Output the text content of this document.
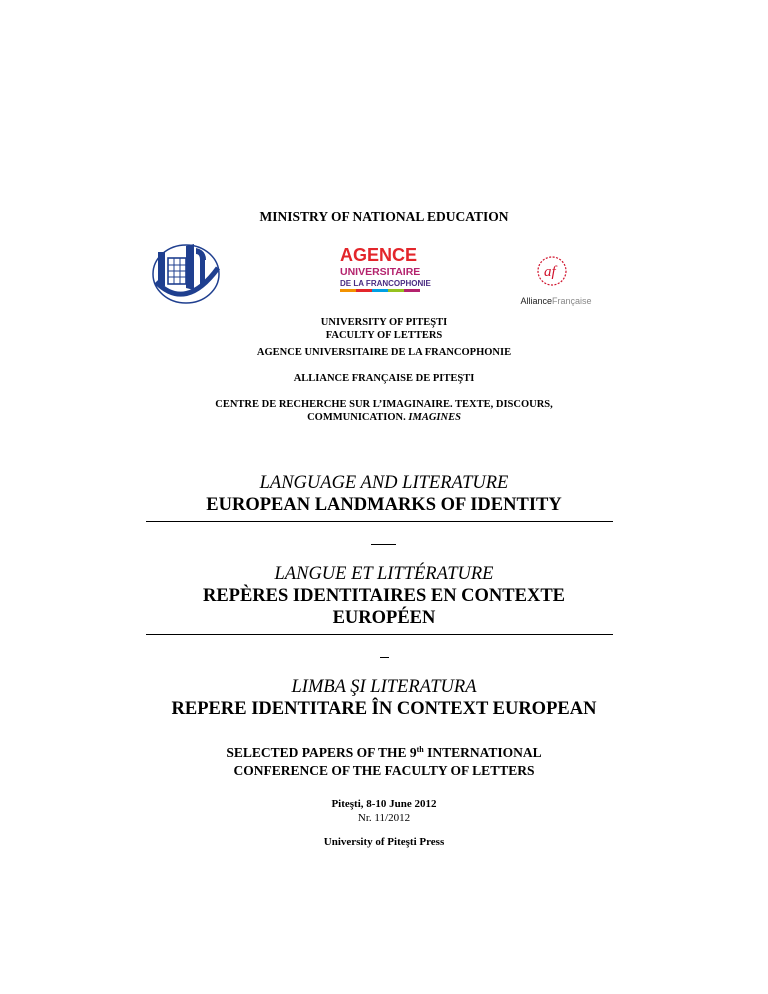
MINISTRY OF NATIONAL EDUCATION
AGENCE
UNIVERSITAIRE
DE LA FRANCOPHONIE
af
AllianceFrançaise
UNIVERSITY OF PITEŞTI
FACULTY OF LETTERS
AGENCE UNIVERSITAIRE DE LA FRANCOPHONIE
ALLIANCE FRANÇAISE DE PITEŞTI
CENTRE DE RECHERCHE SUR L’IMAGINAIRE. TEXTE, DISCOURS,
COMMUNICATION. IMAGINES
LANGUAGE AND LITERATURE
EUROPEAN LANDMARKS OF IDENTITY
LANGUE ET LITTÉRATURE
REPÈRES IDENTITAIRES EN CONTEXTE
EUROPÉEN
LIMBA ŞI LITERATURA
REPERE IDENTITARE ÎN CONTEXT EUROPEAN
SELECTED PAPERS OF THE 9th INTERNATIONAL
CONFERENCE OF THE FACULTY OF LETTERS
Piteşti, 8-10 June 2012
Nr. 11/2012
University of Piteşti Press
